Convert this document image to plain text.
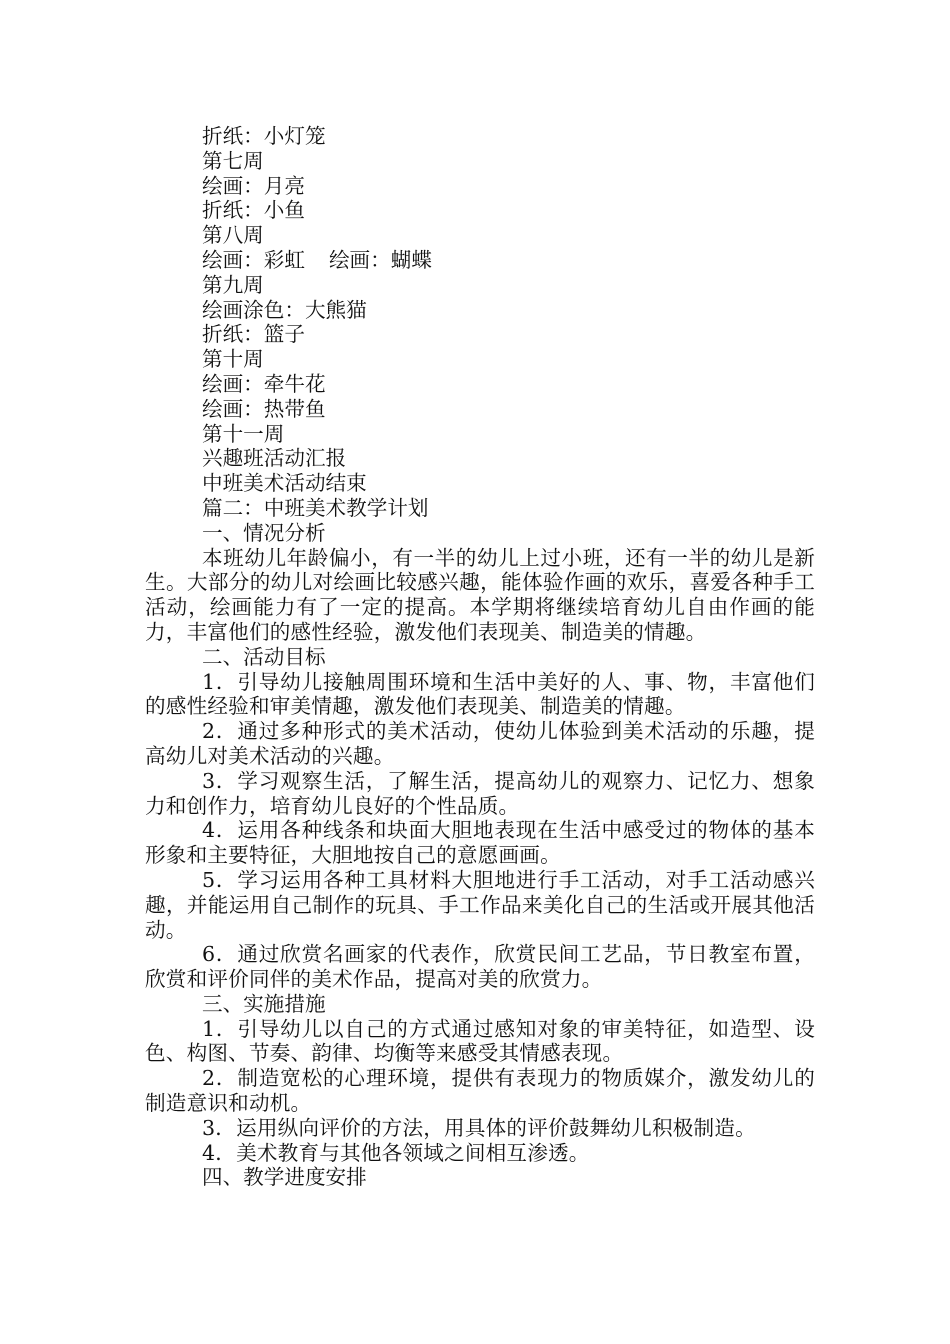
折纸：小灯笼
第七周
绘画：月亮
折纸：小鱼
第八周
绘画：彩虹 绘画：蝴蝶
第九周
绘画涂色：大熊猫
折纸：篮子
第十周
绘画：牵牛花
绘画：热带鱼
第十一周
兴趣班活动汇报
中班美术活动结束
篇二：中班美术教学计划
一、情况分析
本班幼儿年龄偏小，有一半的幼儿上过小班，还有一半的幼儿是新生。大部分的幼儿对绘画比较感兴趣，能体验作画的欢乐，喜爱各种手工活动，绘画能力有了一定的提高。本学期将继续培育幼儿自由作画的能力，丰富他们的感性经验，激发他们表现美、制造美的情趣。
二、活动目标
1．引导幼儿接触周围环境和生活中美好的人、事、物，丰富他们的感性经验和审美情趣，激发他们表现美、制造美的情趣。
2．通过多种形式的美术活动，使幼儿体验到美术活动的乐趣，提高幼儿对美术活动的兴趣。
3．学习观察生活，了解生活，提高幼儿的观察力、记忆力、想象力和创作力，培育幼儿良好的个性品质。
4．运用各种线条和块面大胆地表现在生活中感受过的物体的基本形象和主要特征，大胆地按自己的意愿画画。
5．学习运用各种工具材料大胆地进行手工活动，对手工活动感兴趣，并能运用自己制作的玩具、手工作品来美化自己的生活或开展其他活动。
6．通过欣赏名画家的代表作，欣赏民间工艺品，节日教室布置，欣赏和评价同伴的美术作品，提高对美的欣赏力。
三、实施措施
1．引导幼儿以自己的方式通过感知对象的审美特征，如造型、设色、构图、节奏、韵律、均衡等来感受其情感表现。
2．制造宽松的心理环境，提供有表现力的物质媒介，激发幼儿的制造意识和动机。
3．运用纵向评价的方法，用具体的评价鼓舞幼儿积极制造。
4．美术教育与其他各领域之间相互渗透。
四、教学进度安排
